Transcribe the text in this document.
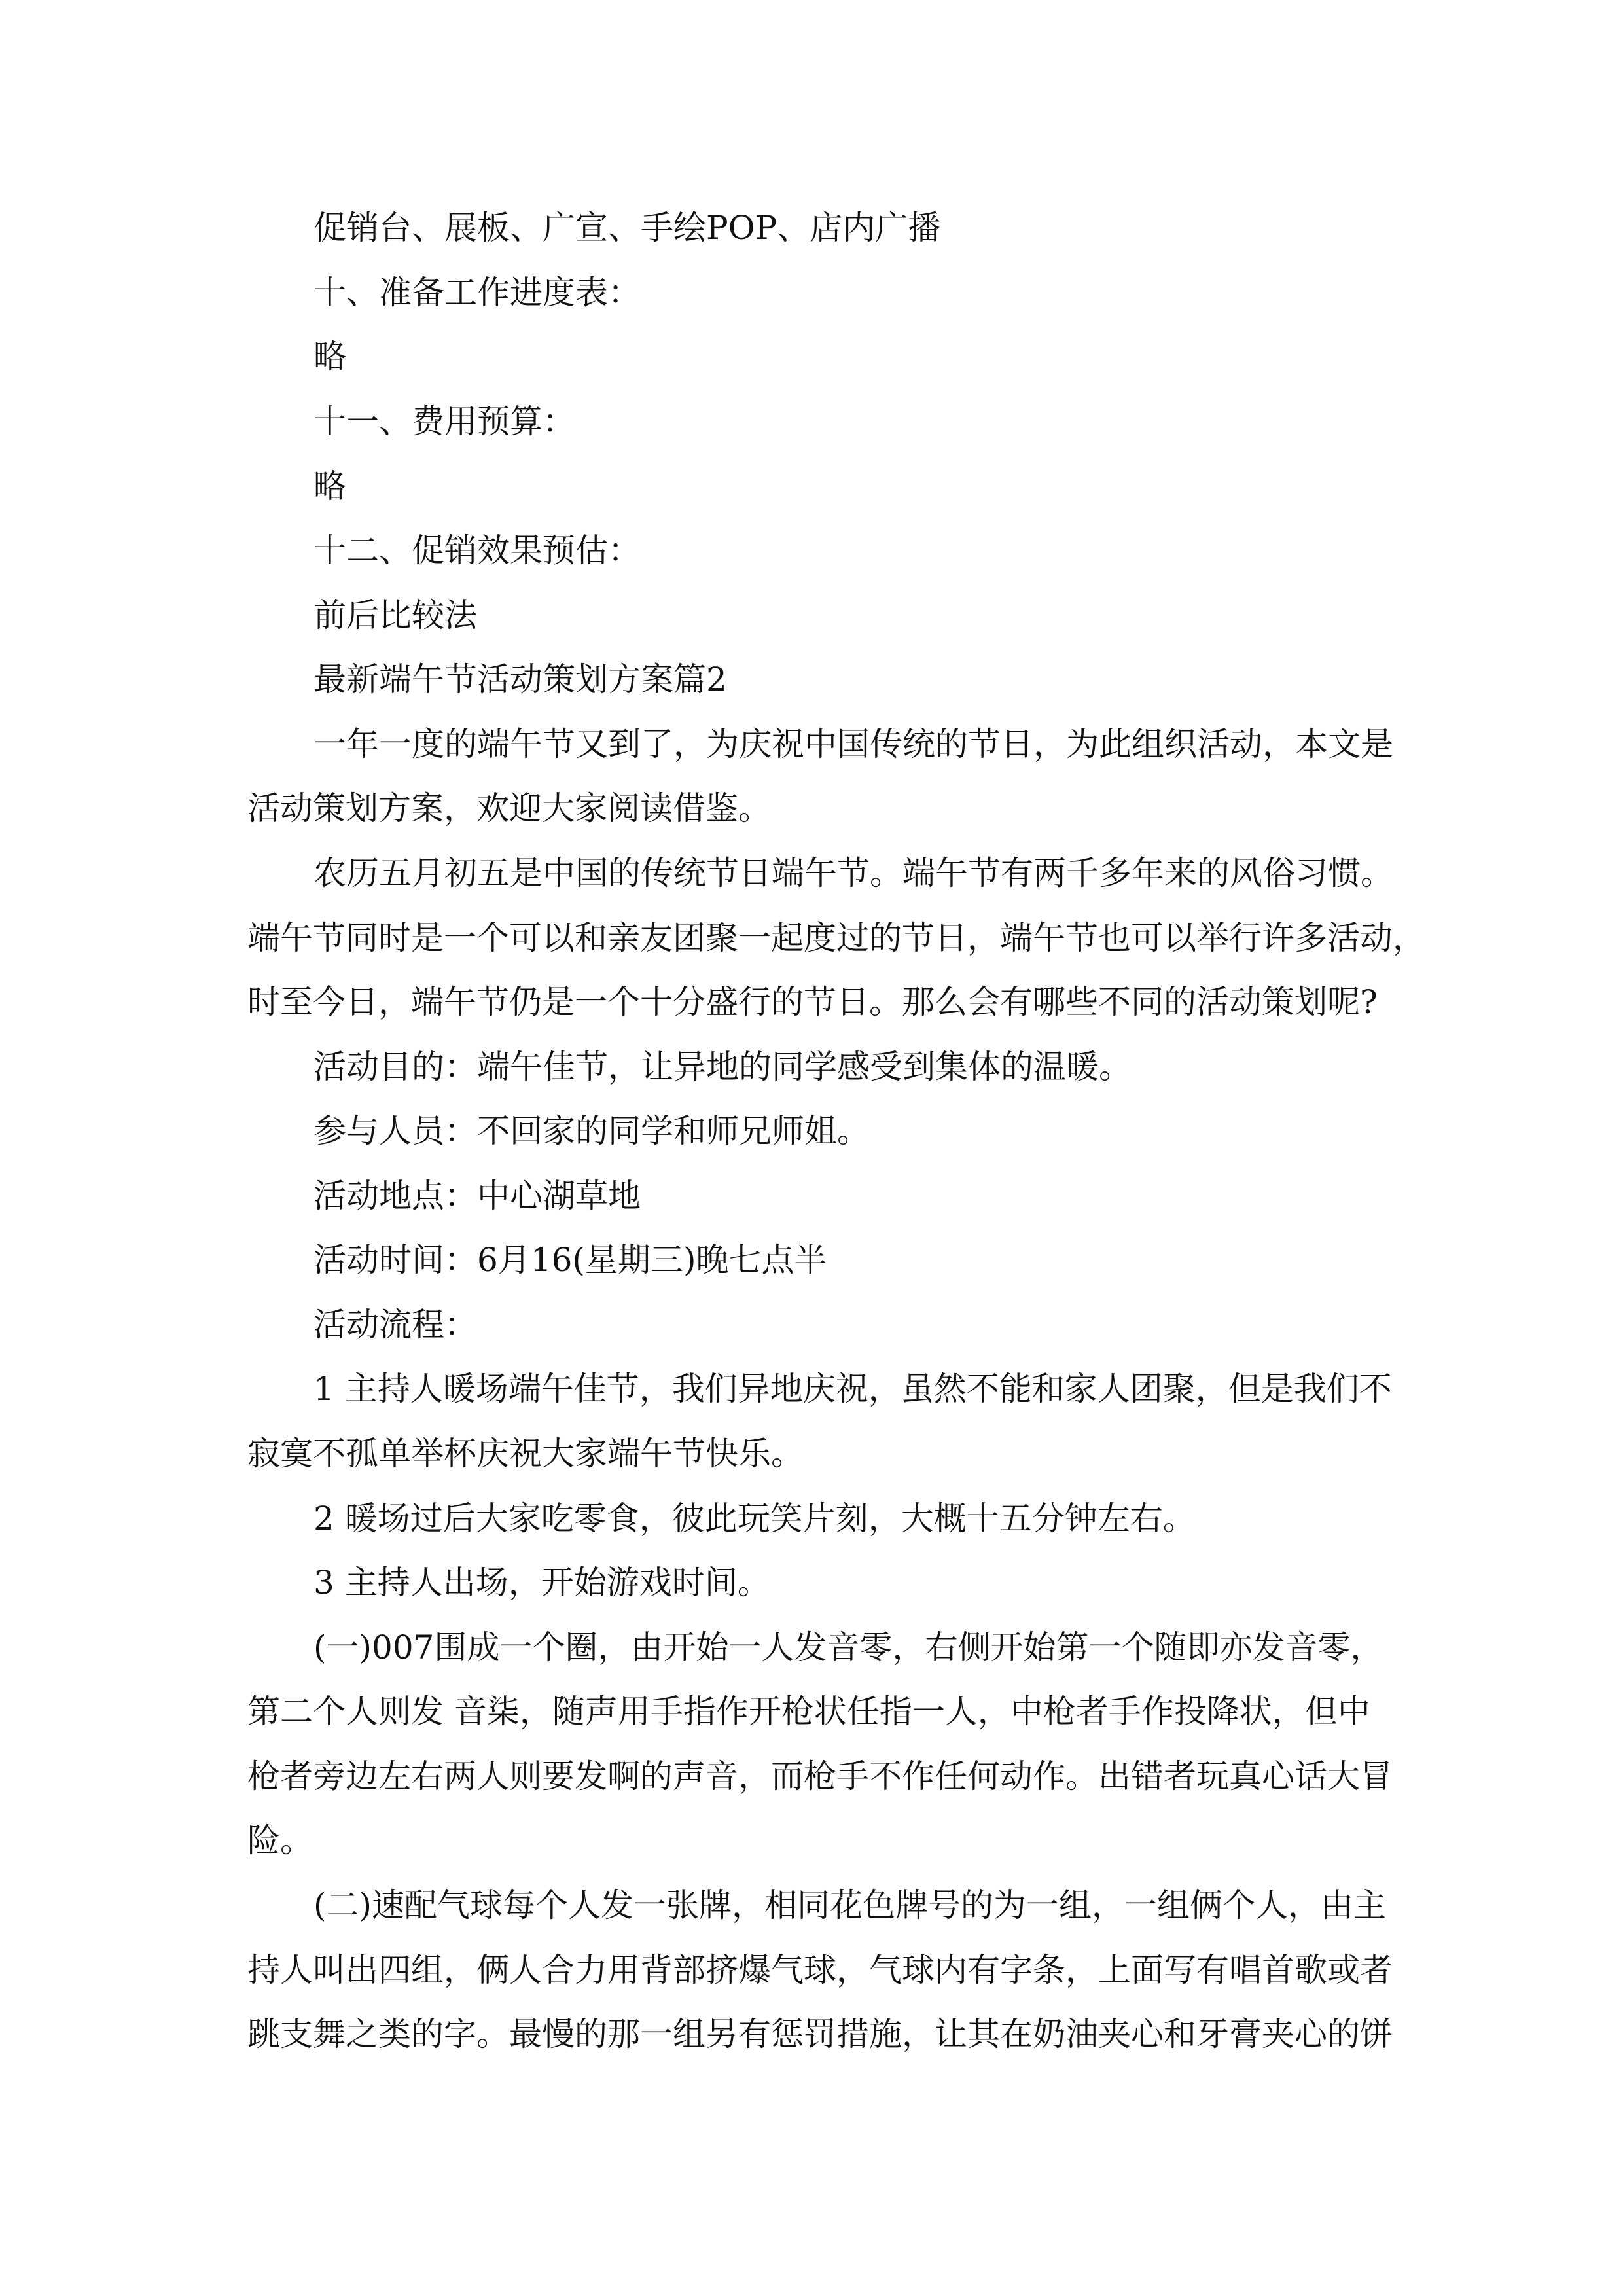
促销台、展板、广宣、手绘POP、店内广播
十、准备工作进度表：
略
十一、费用预算：
略
十二、促销效果预估：
前后比较法
最新端午节活动策划方案篇2
一年一度的端午节又到了，为庆祝中国传统的节日，为此组织活动，本文是
活动策划方案，欢迎大家阅读借鉴。
农历五月初五是中国的传统节日端午节。端午节有两千多年来的风俗习惯。
端午节同时是一个可以和亲友团聚一起度过的节日，端午节也可以举行许多活动，
时至今日，端午节仍是一个十分盛行的节日。那么会有哪些不同的活动策划呢?
活动目的：端午佳节，让异地的同学感受到集体的温暖。
参与人员：不回家的同学和师兄师姐。
活动地点：中心湖草地
活动时间：6月16(星期三)晚七点半
活动流程：
1 主持人暖场端午佳节，我们异地庆祝，虽然不能和家人团聚，但是我们不
寂寞不孤单举杯庆祝大家端午节快乐。
2 暖场过后大家吃零食，彼此玩笑片刻，大概十五分钟左右。
3 主持人出场，开始游戏时间。
(一)007围成一个圈，由开始一人发音零，右侧开始第一个随即亦发音零，
第二个人则发 音柒，随声用手指作开枪状任指一人，中枪者手作投降状，但中
枪者旁边左右两人则要发啊的声音，而枪手不作任何动作。出错者玩真心话大冒
险。
(二)速配气球每个人发一张牌，相同花色牌号的为一组，一组俩个人，由主
持人叫出四组，俩人合力用背部挤爆气球，气球内有字条，上面写有唱首歌或者
跳支舞之类的字。最慢的那一组另有惩罚措施，让其在奶油夹心和牙膏夹心的饼
